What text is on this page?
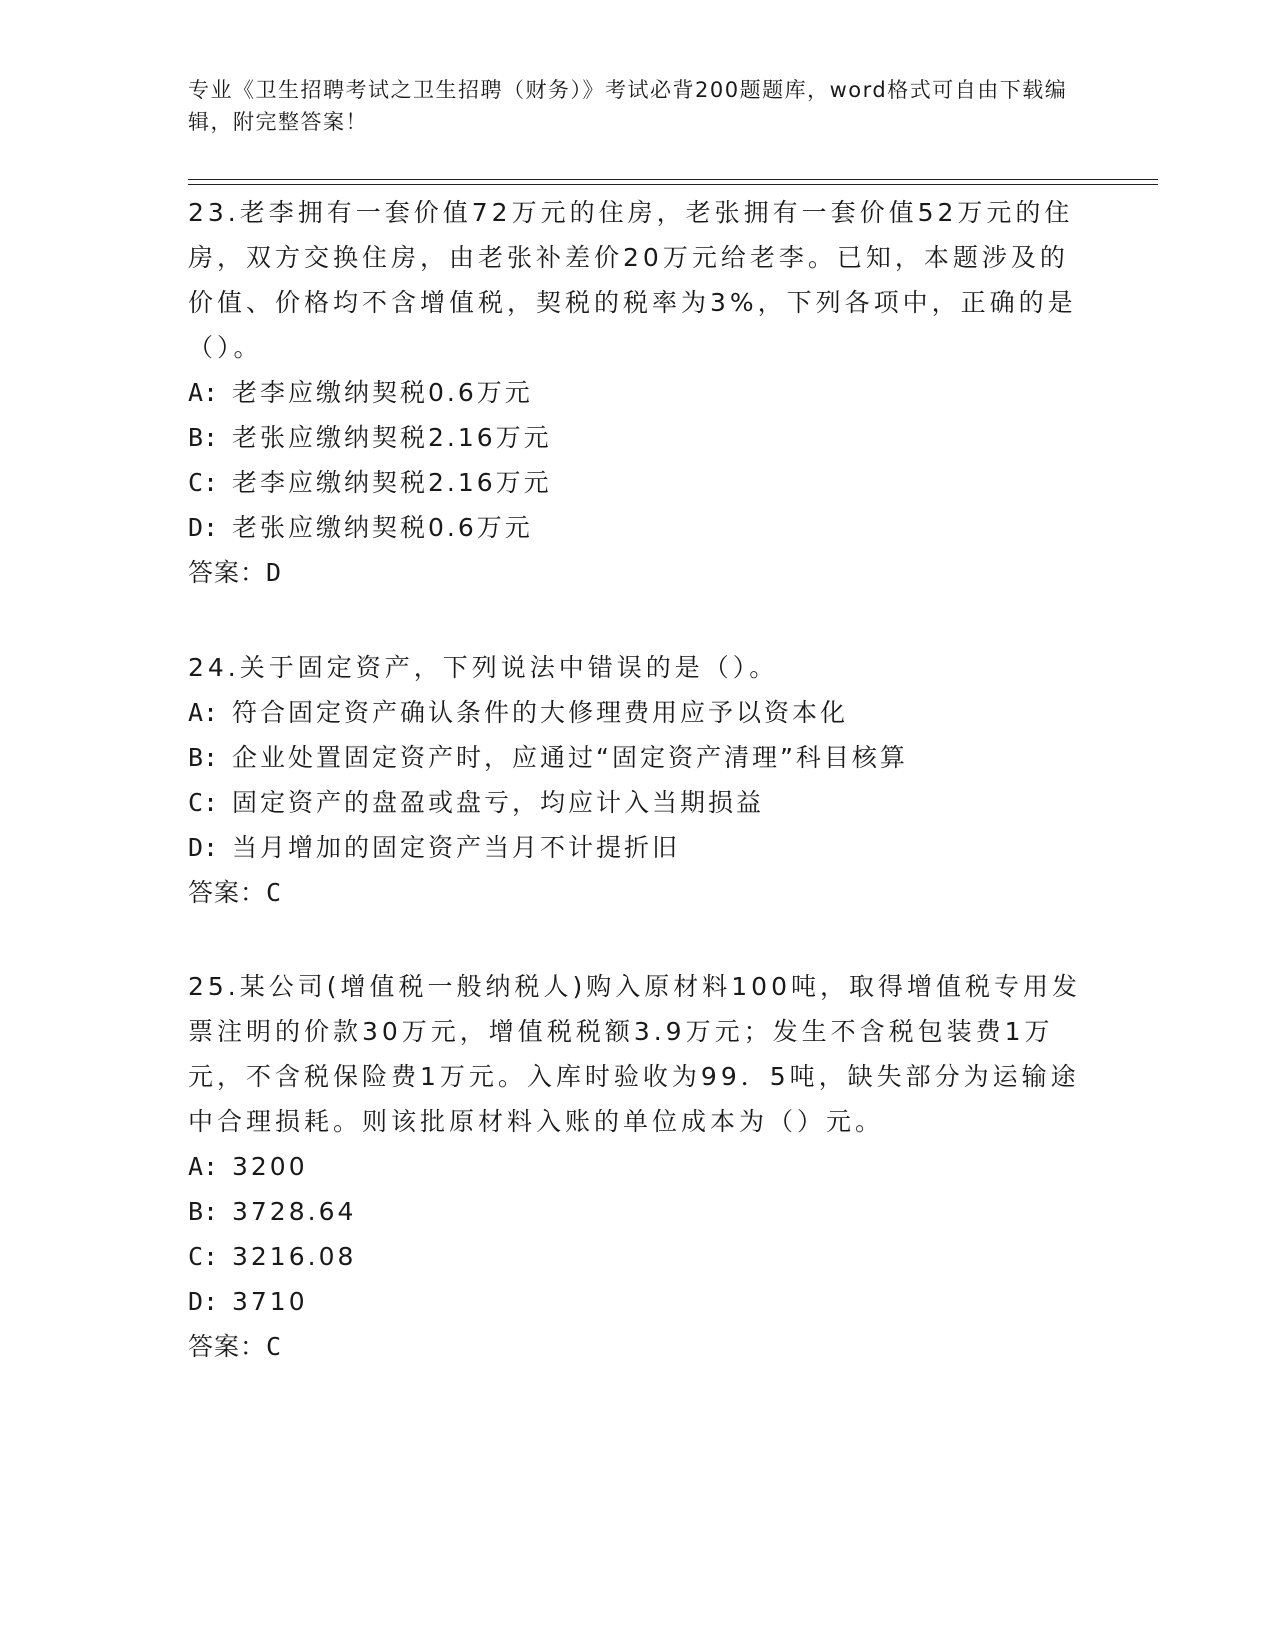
专业《卫生招聘考试之卫生招聘（财务）》考试必背200题题库，word格式可自由下载编辑，附完整答案！

23.老李拥有一套价值72万元的住房，老张拥有一套价值52万元的住房，双方交换住房，由老张补差价20万元给老李。已知，本题涉及的价值、价格均不含增值税，契税的税率为3%，下列各项中，正确的是（）。

A: 老李应缴纳契税0.6万元

B: 老张应缴纳契税2.16万元

C: 老李应缴纳契税2.16万元

D: 老张应缴纳契税0.6万元

答案：D

24.关于固定资产，下列说法中错误的是（）。

A: 符合固定资产确认条件的大修理费用应予以资本化

B: 企业处置固定资产时，应通过“固定资产清理”科目核算

C: 固定资产的盘盈或盘亏，均应计入当期损益

D: 当月增加的固定资产当月不计提折旧

答案：C

25.某公司(增值税一般纳税人)购入原材料100吨，取得增值税专用发票注明的价款30万元，增值税税额3.9万元；发生不含税包装费1万元，不含税保险费1万元。入库时验收为99．5吨，缺失部分为运输途中合理损耗。则该批原材料入账的单位成本为（）元。

A: 3200

B: 3728.64

C: 3216.08

D: 3710

答案：C
